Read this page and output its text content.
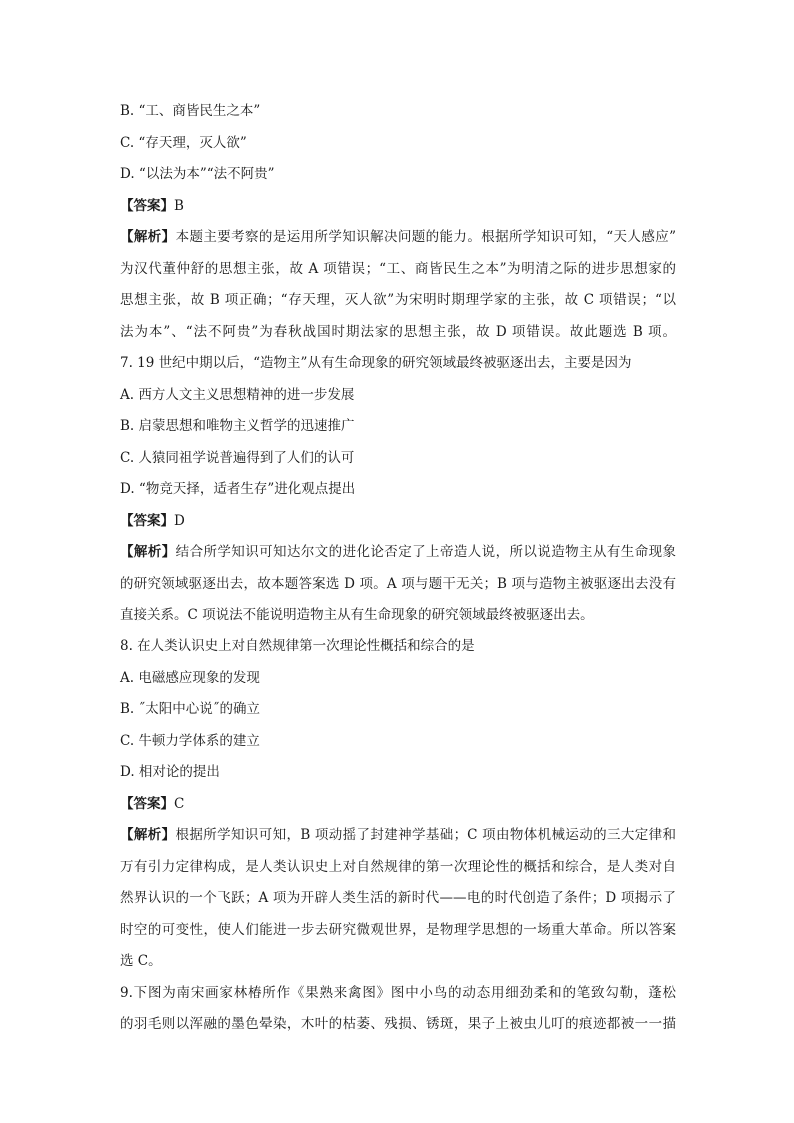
B. “工、商皆民生之本”
C. “存天理，灭人欲”
D. “以法为本”“法不阿贵”
【答案】B
【解析】本题主要考察的是运用所学知识解决问题的能力。根据所学知识可知，“天人感应”
为汉代董仲舒的思想主张，故 A 项错误；“工、商皆民生之本”为明清之际的进步思想家的
思想主张，故 B 项正确；“存天理，灭人欲”为宋明时期理学家的主张，故 C 项错误；“以
法为本”、“法不阿贵”为春秋战国时期法家的思想主张，故 D 项错误。故此题选 B 项。
7. 19 世纪中期以后，“造物主”从有生命现象的研究领域最终被驱逐出去，主要是因为
A. 西方人文主义思想精神的进一步发展
B. 启蒙思想和唯物主义哲学的迅速推广
C. 人猿同祖学说普遍得到了人们的认可
D. “物竞天择，适者生存”进化观点提出
【答案】D
【解析】结合所学知识可知达尔文的进化论否定了上帝造人说，所以说造物主从有生命现象
的研究领域驱逐出去，故本题答案选 D 项。A 项与题干无关；B 项与造物主被驱逐出去没有
直接关系。C 项说法不能说明造物主从有生命现象的研究领域最终被驱逐出去。
8. 在人类认识史上对自然规律第一次理论性概括和综合的是
A. 电磁感应现象的发现
B. ˝太阳中心说˝的确立
C. 牛顿力学体系的建立
D. 相对论的提出
【答案】C
【解析】根据所学知识可知，B 项动摇了封建神学基础；C 项由物体机械运动的三大定律和
万有引力定律构成，是人类认识史上对自然规律的第一次理论性的概括和综合，是人类对自
然界认识的一个飞跃；A 项为开辟人类生活的新时代——电的时代创造了条件；D 项揭示了
时空的可变性，使人们能进一步去研究微观世界，是物理学思想的一场重大革命。所以答案
选 C。
9.下图为南宋画家林椿所作《果熟来禽图》图中小鸟的动态用细劲柔和的笔致勾勒，蓬松
的羽毛则以浑融的墨色晕染，木叶的枯萎、残损、锈斑，果子上被虫儿叮的痕迹都被一一描
